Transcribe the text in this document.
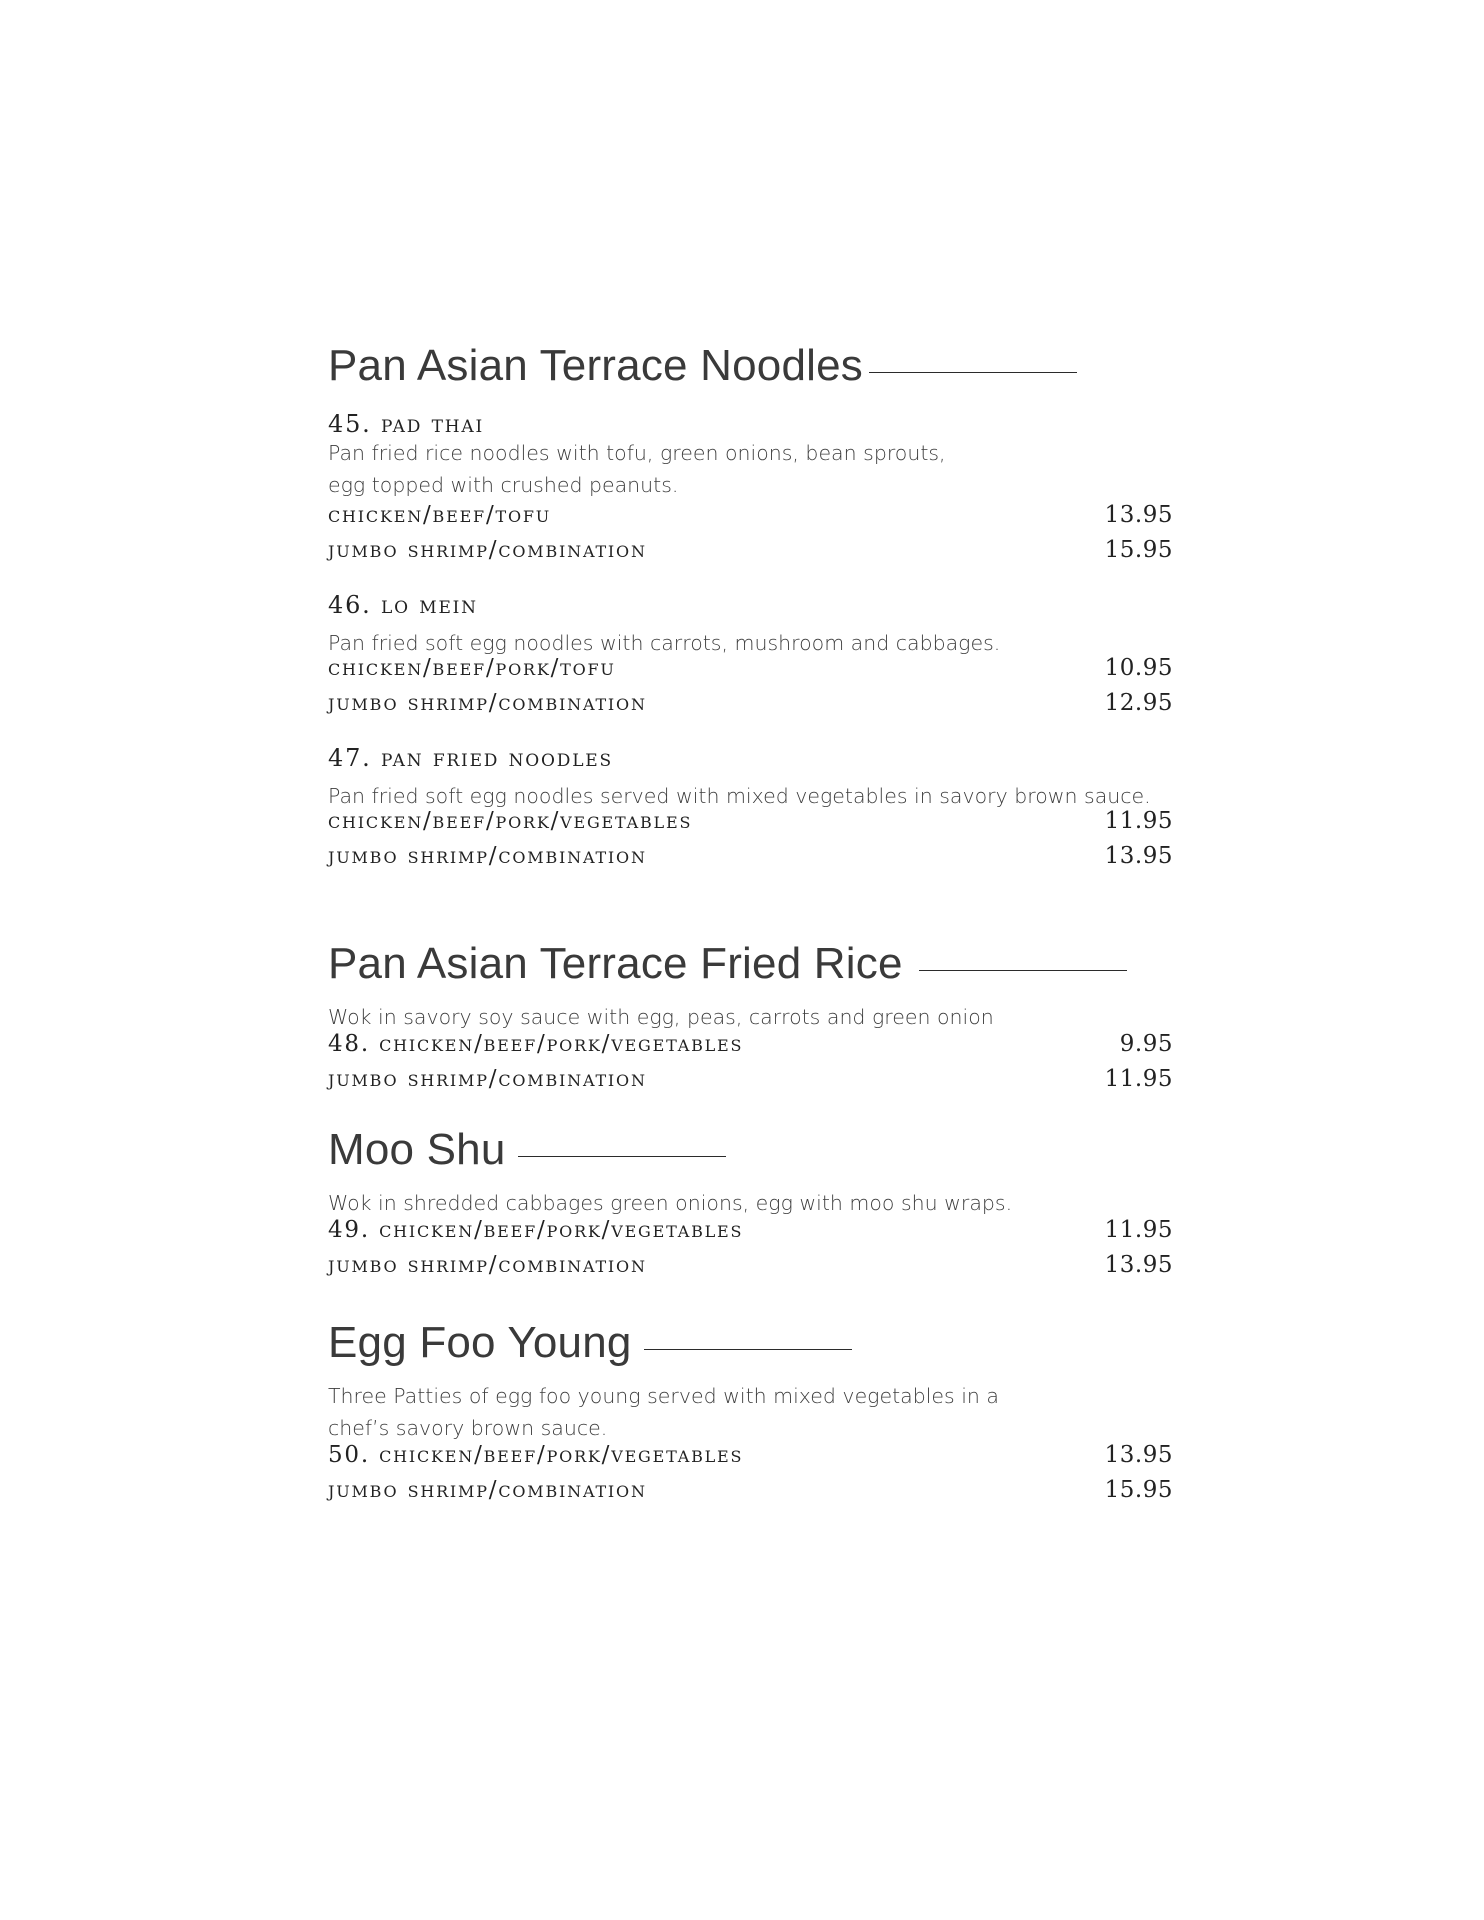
Pan Asian Terrace Noodles
45. pad thai
Pan fried rice noodles with tofu, green onions, bean sprouts,
egg topped with crushed peanuts.
chicken/beef/tofu	13.95
jumbo shrimp/combination	15.95
46. lo mein
Pan fried soft egg noodles with carrots, mushroom and cabbages.
chicken/beef/pork/tofu	10.95
jumbo shrimp/combination	12.95
47. pan fried noodles
Pan fried soft egg noodles served with mixed vegetables in savory brown sauce.
chicken/beef/pork/vegetables	11.95
jumbo shrimp/combination	13.95
Pan Asian Terrace Fried Rice
Wok in savory soy sauce with egg, peas, carrots and green onion
48. chicken/beef/pork/vegetables	9.95
jumbo shrimp/combination	11.95
Moo Shu
Wok in shredded cabbages green onions, egg with moo shu wraps.
49. chicken/beef/pork/vegetables	11.95
jumbo shrimp/combination	13.95
Egg Foo Young
Three Patties of egg foo young served with mixed vegetables in a
chef’s savory brown sauce.
50. chicken/beef/pork/vegetables	13.95
jumbo shrimp/combination	15.95
